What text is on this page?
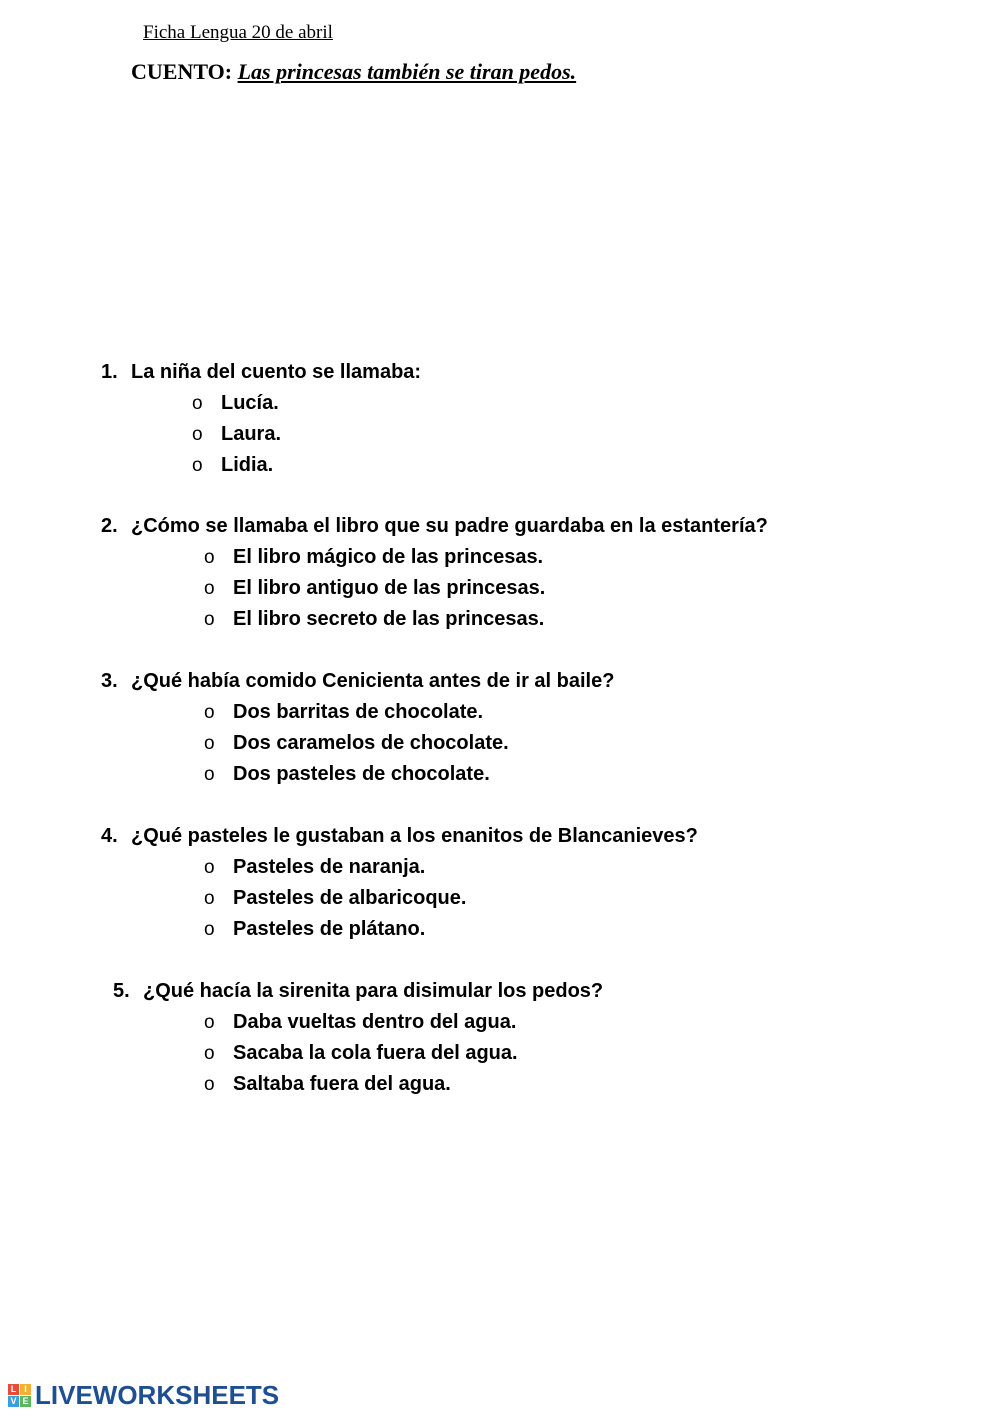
Ficha Lengua 20 de abril
CUENTO: Las princesas también se tiran pedos.
1. La niña del cuento se llamaba:
o Lucía.
o Laura.
o Lidia.
2. ¿Cómo se llamaba el libro que su padre guardaba en la estantería?
o El libro mágico de las princesas.
o El libro antiguo de las princesas.
o El libro secreto de las princesas.
3. ¿Qué había comido Cenicienta antes de ir al baile?
o Dos barritas de chocolate.
o Dos caramelos de chocolate.
o Dos pasteles de chocolate.
4. ¿Qué pasteles le gustaban a los enanitos de Blancanieves?
o Pasteles de naranja.
o Pasteles de albaricoque.
o Pasteles de plátano.
5. ¿Qué hacía la sirenita para disimular los pedos?
o Daba vueltas dentro del agua.
o Sacaba la cola fuera del agua.
o Saltaba fuera del agua.
L I
V E LIVEWORKSHEETS
